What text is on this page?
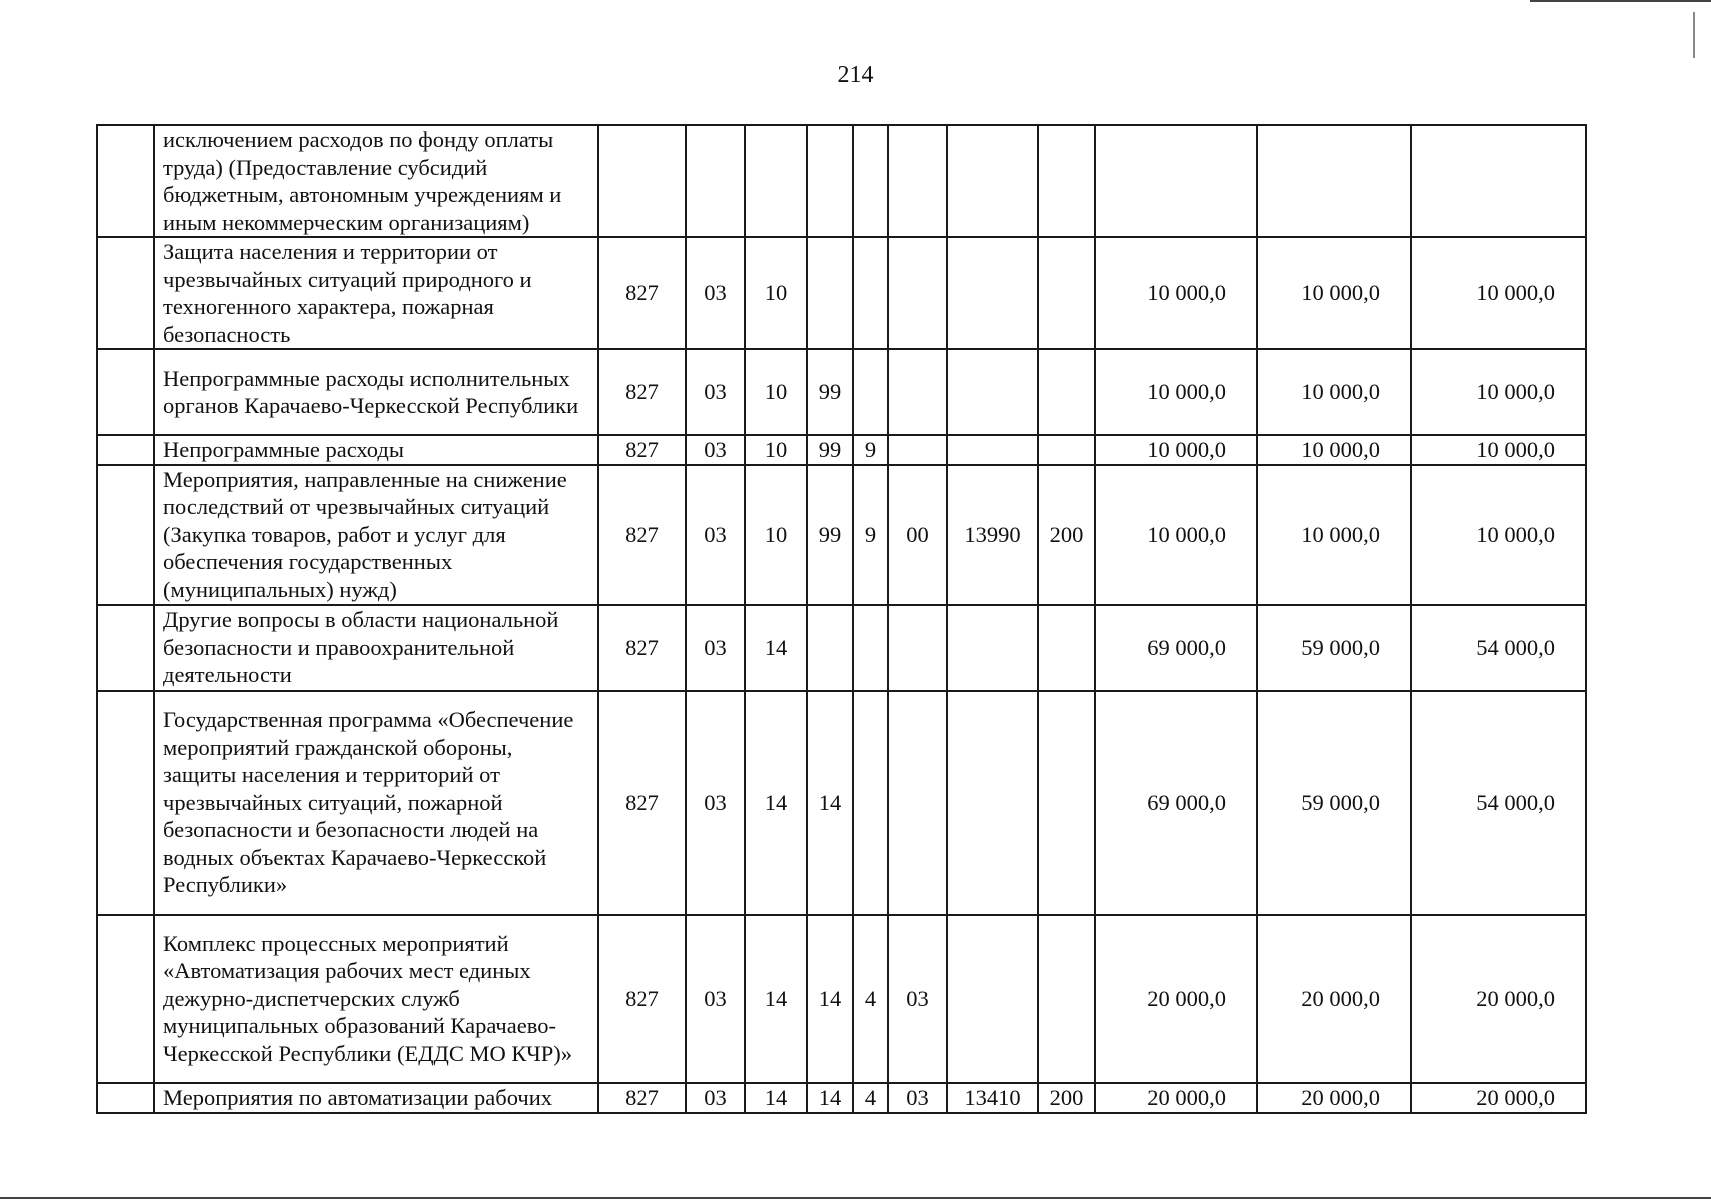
214
	исключением расходов по фонду оплаты труда) (Предоставление субсидий бюджетным, автономным учреждениям и иным некоммерческим организациям)											
	Защита населения и территории от чрезвычайных ситуаций природного и техногенного характера, пожарная безопасность	827	03	10						10 000,0	10 000,0	10 000,0
	Непрограммные расходы исполнительных органов Карачаево-Черкесской Республики	827	03	10	99					10 000,0	10 000,0	10 000,0
	Непрограммные расходы	827	03	10	99	9				10 000,0	10 000,0	10 000,0
	Мероприятия, направленные на снижение последствий от чрезвычайных ситуаций (Закупка товаров, работ и услуг для обеспечения государственных (муниципальных) нужд)	827	03	10	99	9	00	13990	200	10 000,0	10 000,0	10 000,0
	Другие вопросы в области национальной безопасности и правоохранительной деятельности	827	03	14						69 000,0	59 000,0	54 000,0
	Государственная программа «Обеспечение мероприятий гражданской обороны, защиты населения и территорий от чрезвычайных ситуаций, пожарной безопасности и безопасности людей на водных объектах Карачаево-Черкесской Республики»	827	03	14	14					69 000,0	59 000,0	54 000,0
	Комплекс процессных мероприятий «Автоматизация рабочих мест единых дежурно-диспетчерских служб муниципальных образований Карачаево-Черкесской Республики (ЕДДС МО КЧР)»	827	03	14	14	4	03			20 000,0	20 000,0	20 000,0
	Мероприятия по автоматизации рабочих	827	03	14	14	4	03	13410	200	20 000,0	20 000,0	20 000,0
